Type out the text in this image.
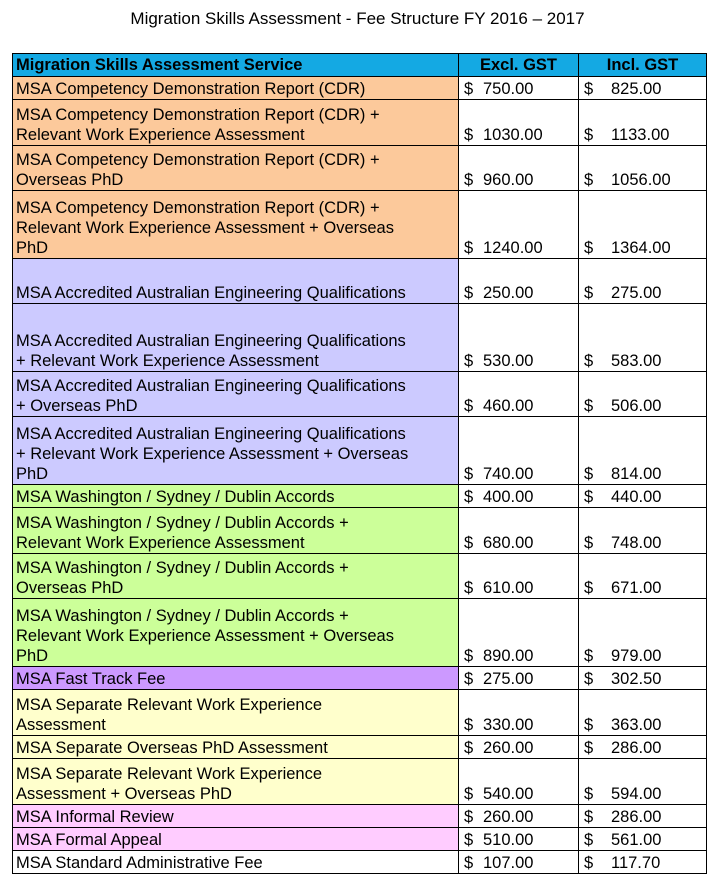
Migration Skills Assessment - Fee Structure FY 2016 – 2017
Migration Skills Assessment Service	Excl. GST	Incl. GST
MSA Competency Demonstration Report (CDR)	$ 750.00	$ 825.00
MSA Competency Demonstration Report (CDR) +
Relevant Work Experience Assessment	$ 1030.00	$ 1133.00
MSA Competency Demonstration Report (CDR) +
Overseas PhD	$ 960.00	$ 1056.00
MSA Competency Demonstration Report (CDR) +
Relevant Work Experience Assessment + Overseas
PhD	$ 1240.00	$ 1364.00
MSA Accredited Australian Engineering Qualifications	$ 250.00	$ 275.00
MSA Accredited Australian Engineering Qualifications
+ Relevant Work Experience Assessment	$ 530.00	$ 583.00
MSA Accredited Australian Engineering Qualifications
+ Overseas PhD	$ 460.00	$ 506.00
MSA Accredited Australian Engineering Qualifications
+ Relevant Work Experience Assessment + Overseas
PhD	$ 740.00	$ 814.00
MSA Washington / Sydney / Dublin Accords	$ 400.00	$ 440.00
MSA Washington / Sydney / Dublin Accords +
Relevant Work Experience Assessment	$ 680.00	$ 748.00
MSA Washington / Sydney / Dublin Accords +
Overseas PhD	$ 610.00	$ 671.00
MSA Washington / Sydney / Dublin Accords +
Relevant Work Experience Assessment + Overseas
PhD	$ 890.00	$ 979.00
MSA Fast Track Fee	$ 275.00	$ 302.50
MSA Separate Relevant Work Experience
Assessment	$ 330.00	$ 363.00
MSA Separate Overseas PhD Assessment	$ 260.00	$ 286.00
MSA Separate Relevant Work Experience
Assessment + Overseas PhD	$ 540.00	$ 594.00
MSA Informal Review	$ 260.00	$ 286.00
MSA Formal Appeal	$ 510.00	$ 561.00
MSA Standard Administrative Fee	$ 107.00	$ 117.70
